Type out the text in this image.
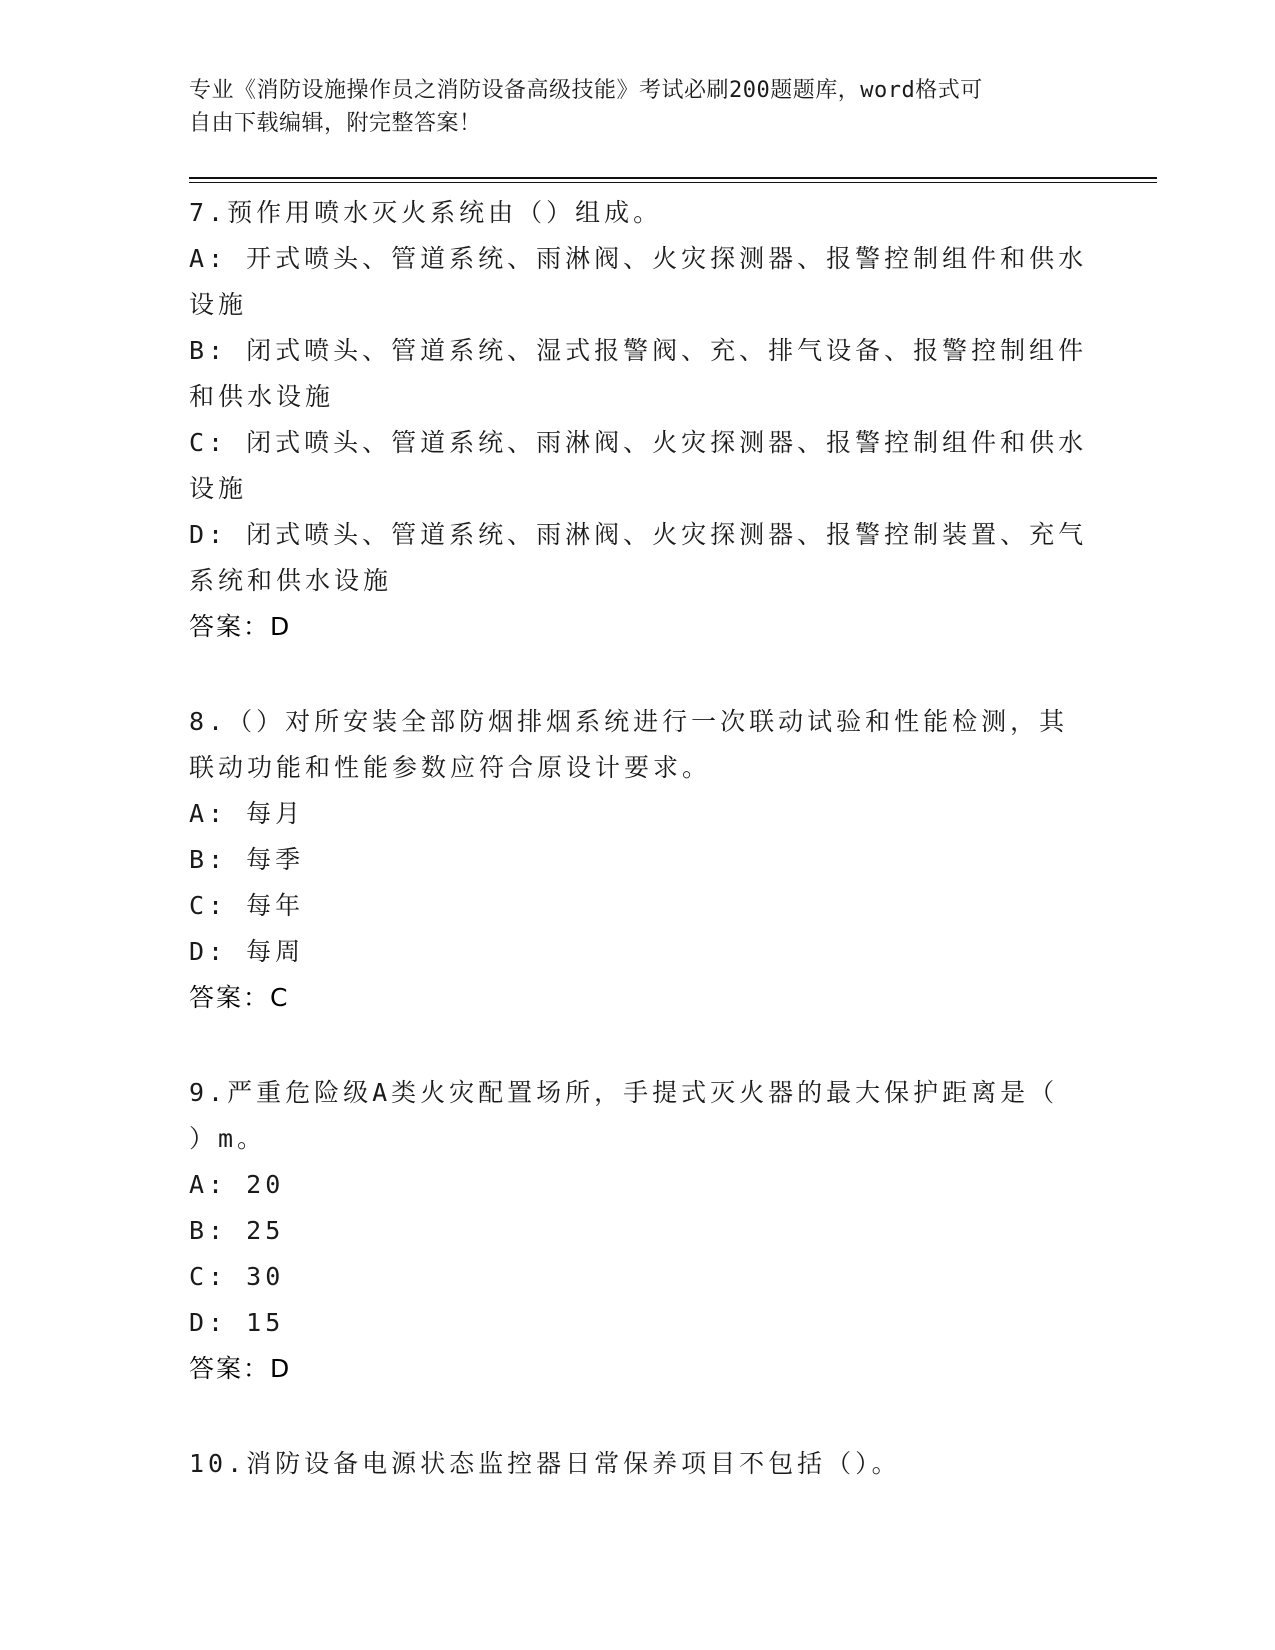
专业《消防设施操作员之消防设备高级技能》考试必刷200题题库，word格式可
自由下载编辑，附完整答案！
7.预作用喷水灭火系统由（）组成。
A: 开式喷头、管道系统、雨淋阀、火灾探测器、报警控制组件和供水
设施
B: 闭式喷头、管道系统、湿式报警阀、充、排气设备、报警控制组件
和供水设施
C: 闭式喷头、管道系统、雨淋阀、火灾探测器、报警控制组件和供水
设施
D: 闭式喷头、管道系统、雨淋阀、火灾探测器、报警控制装置、充气
系统和供水设施
答案：D
8.（）对所安装全部防烟排烟系统进行一次联动试验和性能检测，其
联动功能和性能参数应符合原设计要求。
A: 每月
B: 每季
C: 每年
D: 每周
答案：C
9.严重危险级A类火灾配置场所，手提式灭火器的最大保护距离是（
）m。
A: 20
B: 25
C: 30
D: 15
答案：D
10.消防设备电源状态监控器日常保养项目不包括（）。
